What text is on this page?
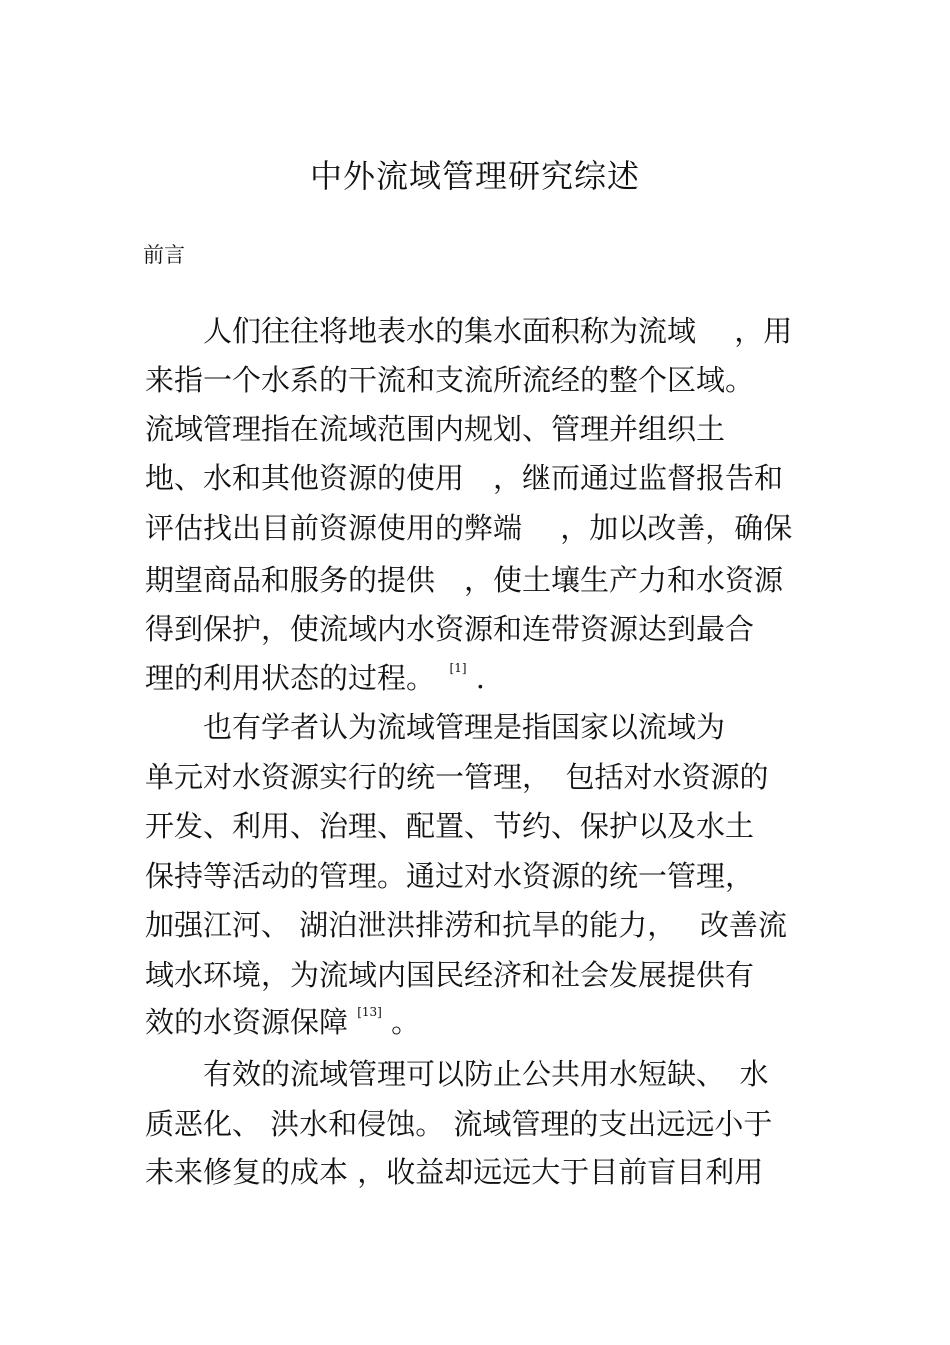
中外流域管理研究综述
前言
　　人们往往将地表水的集水面积称为流域　 ，用
来指一个水系的干流和支流所流经的整个区域。
流域管理指在流域范围内规划、管理并组织土
地、水和其他资源的使用　，继而通过监督报告和
评估找出目前资源使用的弊端　 ，加以改善，确保
期望商品和服务的提供　，使土壤生产力和水资源
得到保护，使流域内水资源和连带资源达到最合
理的利用状态的过程。　[1] .
　　也有学者认为流域管理是指国家以流域为
单元对水资源实行的统一管理，　包括对水资源的
开发、利用、治理、配置、节约、保护以及水土
保持等活动的管理。通过对水资源的统一管理，
加强江河、 湖泊泄洪排涝和抗旱的能力，　 改善流
域水环境，为流域内国民经济和社会发展提供有
效的水资源保障 [13] 。
　　有效的流域管理可以防止公共用水短缺、　水
质恶化、 洪水和侵蚀。 流域管理的支出远远小于
未来修复的成本 ，收益却远远大于目前盲目利用
